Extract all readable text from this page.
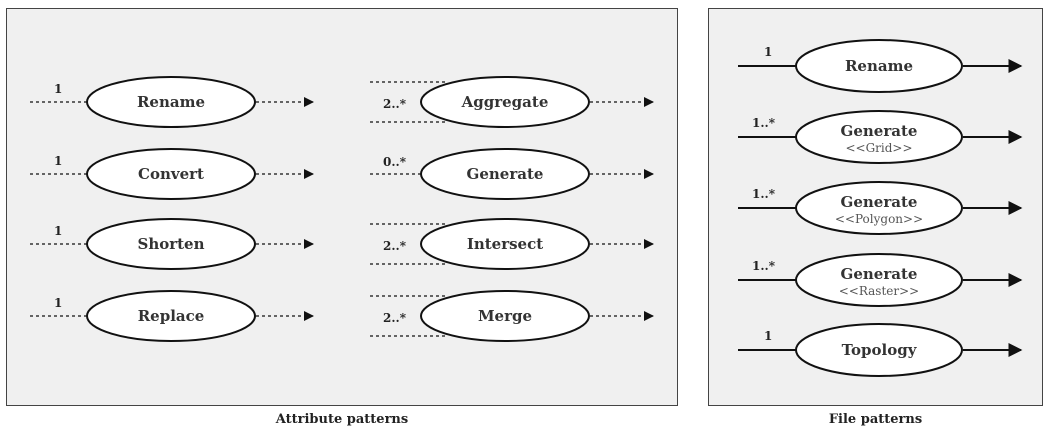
Rename
1
Convert
1
Shorten
1
Replace
1
Aggregate
2..*
Generate
0..*
Intersect
2..*
Merge
2..*
Rename
1
Generate
<<Grid>>
1..*
Generate
<<Polygon>>
1..*
Generate
<<Raster>>
1..*
Topology
1
Attribute patterns	File patterns
